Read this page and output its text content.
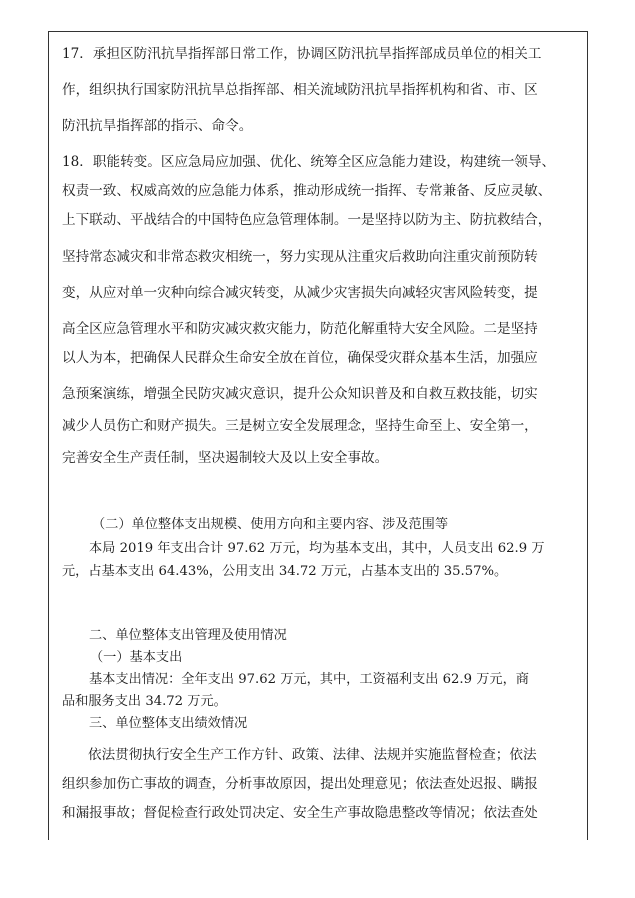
17．承担区防汛抗旱指挥部日常工作，协调区防汛抗旱指挥部成员单位的相关工
作，组织执行国家防汛抗旱总指挥部、相关流域防汛抗旱指挥机构和省、市、区
防汛抗旱指挥部的指示、命令。
18．职能转变。区应急局应加强、优化、统筹全区应急能力建设，构建统一领导、
权责一致、权威高效的应急能力体系，推动形成统一指挥、专常兼备、反应灵敏、
上下联动、平战结合的中国特色应急管理体制。一是坚持以防为主、防抗救结合，
坚持常态减灾和非常态救灾相统一，努力实现从注重灾后救助向注重灾前预防转
变，从应对单一灾种向综合减灾转变，从减少灾害损失向减轻灾害风险转变，提
高全区应急管理水平和防灾减灾救灾能力，防范化解重特大安全风险。二是坚持
以人为本，把确保人民群众生命安全放在首位，确保受灾群众基本生活，加强应
急预案演练，增强全民防灾减灾意识，提升公众知识普及和自救互救技能，切实
减少人员伤亡和财产损失。三是树立安全发展理念，坚持生命至上、安全第一，
完善安全生产责任制，坚决遏制较大及以上安全事故。
（二）单位整体支出规模、使用方向和主要内容、涉及范围等
本局 2019 年支出合计 97.62 万元，均为基本支出，其中，人员支出 62.9 万
元，占基本支出 64.43%，公用支出 34.72 万元，占基本支出的 35.57%。
二、单位整体支出管理及使用情况
（一）基本支出
基本支出情况：全年支出 97.62 万元，其中，工资福利支出 62.9 万元，商
品和服务支出 34.72 万元。
三、单位整体支出绩效情况
依法贯彻执行安全生产工作方针、政策、法律、法规并实施监督检查；依法
组织参加伤亡事故的调查，分析事故原因，提出处理意见；依法查处迟报、瞒报
和漏报事故；督促检查行政处罚决定、安全生产事故隐患整改等情况；依法查处
